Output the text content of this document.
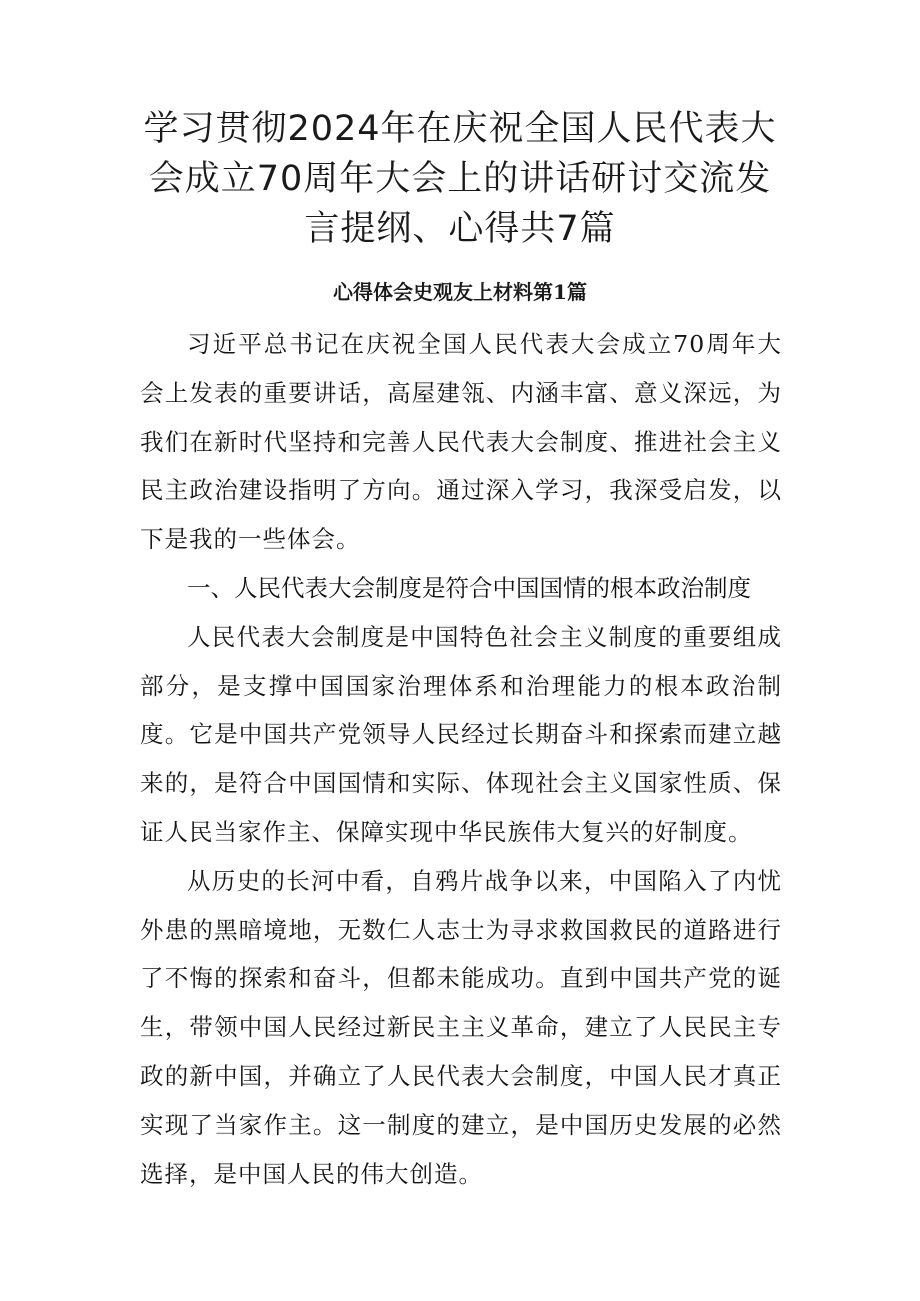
学习贯彻2024年在庆祝全国人民代表大会成立70周年大会上的讲话研讨交流发言提纲、心得共7篇
心得体会史观友上材料第1篇

习近平总书记在庆祝全国人民代表大会成立70周年大会上发表的重要讲话，高屋建瓴、内涵丰富、意义深远，为我们在新时代坚持和完善人民代表大会制度、推进社会主义民主政治建设指明了方向。通过深入学习，我深受启发，以下是我的一些体会。

一、人民代表大会制度是符合中国国情的根本政治制度

人民代表大会制度是中国特色社会主义制度的重要组成部分，是支撑中国国家治理体系和治理能力的根本政治制度。它是中国共产党领导人民经过长期奋斗和探索而建立越来的，是符合中国国情和实际、体现社会主义国家性质、保证人民当家作主、保障实现中华民族伟大复兴的好制度。

从历史的长河中看，自鸦片战争以来，中国陷入了内忧外患的黑暗境地，无数仁人志士为寻求救国救民的道路进行了不悔的探索和奋斗，但都未能成功。直到中国共产党的诞生，带领中国人民经过新民主主义革命，建立了人民民主专政的新中国，并确立了人民代表大会制度，中国人民才真正实现了当家作主。这一制度的建立，是中国历史发展的必然选择，是中国人民的伟大创造。
